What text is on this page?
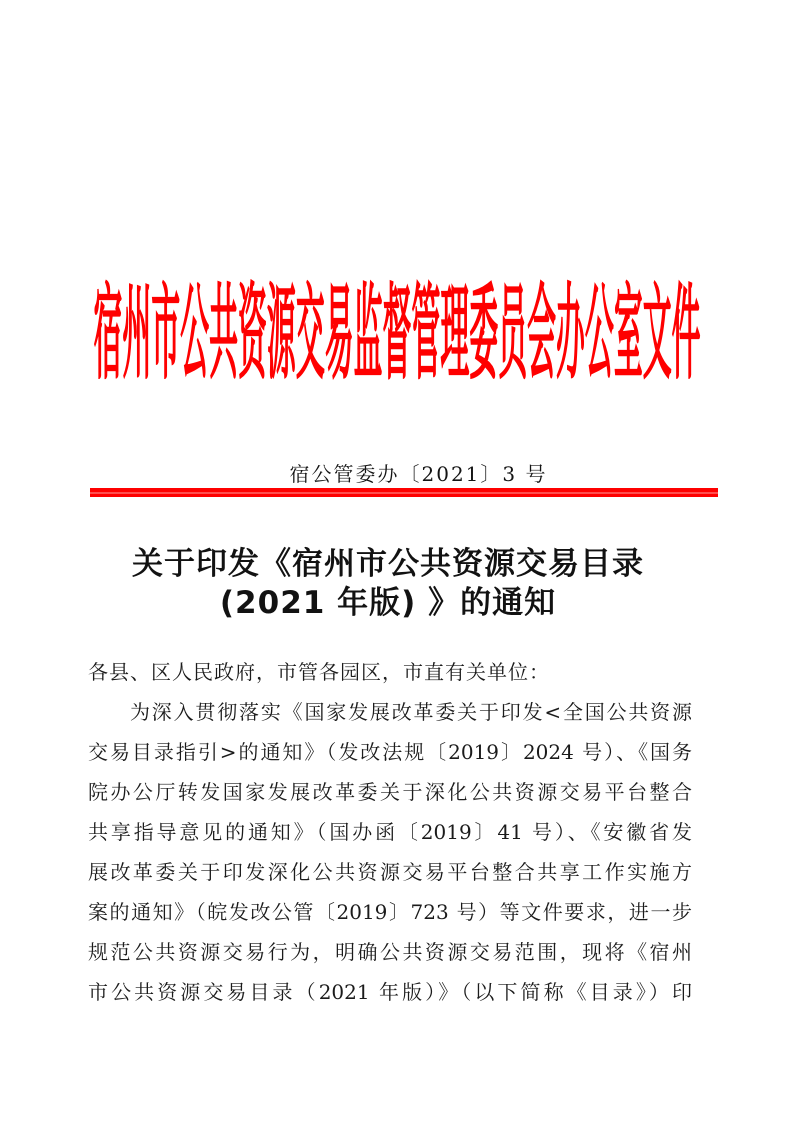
宿州市公共资源交易监督管理委员会办公室文件
宿公管委办〔2021〕3 号
关于印发《宿州市公共资源交易目录
(2021 年版) 》的通知
各县、区人民政府，市管各园区，市直有关单位：
为深入贯彻落实《国家发展改革委关于印发<全国公共资源
交易目录指引>的通知》（发改法规〔2019〕2024 号）、《国务
院办公厅转发国家发展改革委关于深化公共资源交易平台整合
共享指导意见的通知》（国办函〔2019〕41 号）、《安徽省发
展改革委关于印发深化公共资源交易平台整合共享工作实施方
案的通知》（皖发改公管〔2019〕723 号）等文件要求，进一步
规范公共资源交易行为，明确公共资源交易范围，现将《宿州
市公共资源交易目录（2021 年版）》（以下简称《目录》）印
